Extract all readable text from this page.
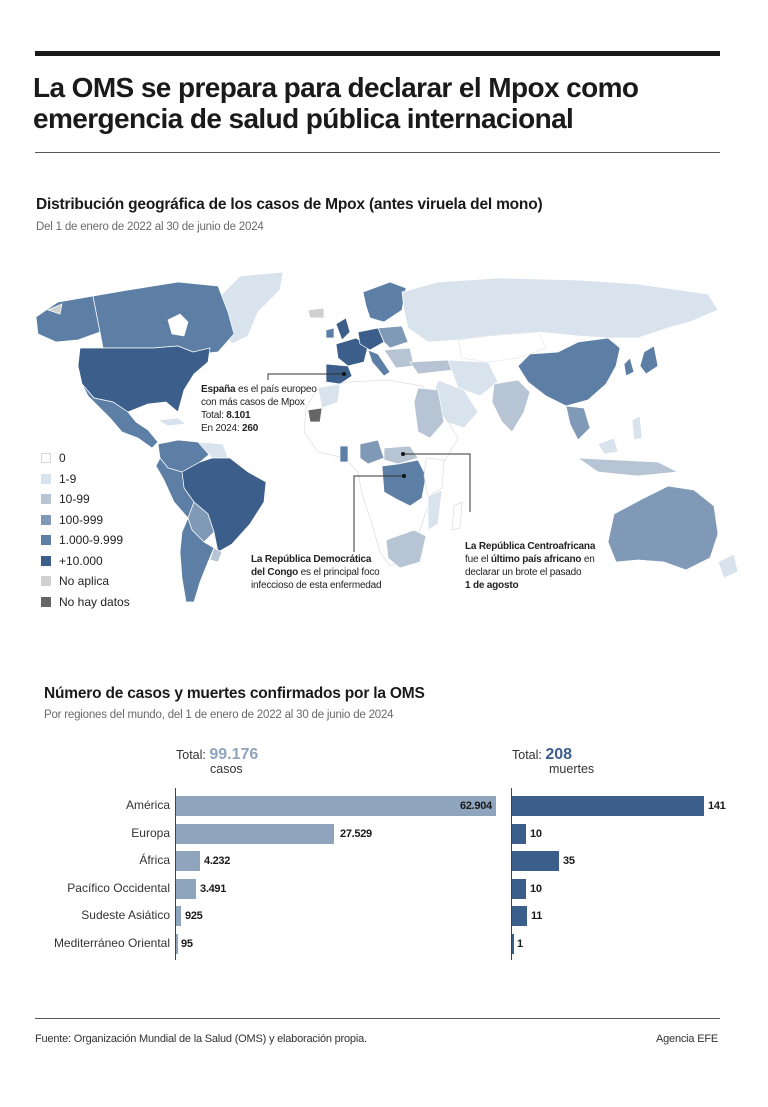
La OMS se prepara para declarar el Mpox como
emergencia de salud pública internacional
Distribución geográfica de los casos de Mpox (antes viruela del mono)
Del 1 de enero de 2022 al 30 de junio de 2024
0
1-9
10-99
100-999
1.000-9.999
+10.000
No aplica
No hay datos
España es el país europeo
con más casos de Mpox
Total: 8.101
En 2024: 260
La República Democrática
del Congo es el principal foco
infeccioso de esta enfermedad
La República Centroafricana
fue el último país africano en
declarar un brote el pasado
1 de agosto
Número de casos y muertes confirmados por la OMS
Por regiones del mundo, del 1 de enero de 2022 al 30 de junio de 2024
Total: 99.176
casos
Total: 208
muertes
América
Europa
África
Pacífico Occidental
Sudeste Asiático
Mediterráneo Oriental
62.904
27.529
4.232
3.491
925
95
141
10
35
10
11
1
Fuente: Organización Mundial de la Salud (OMS) y elaboración propia.	Agencia EFE
